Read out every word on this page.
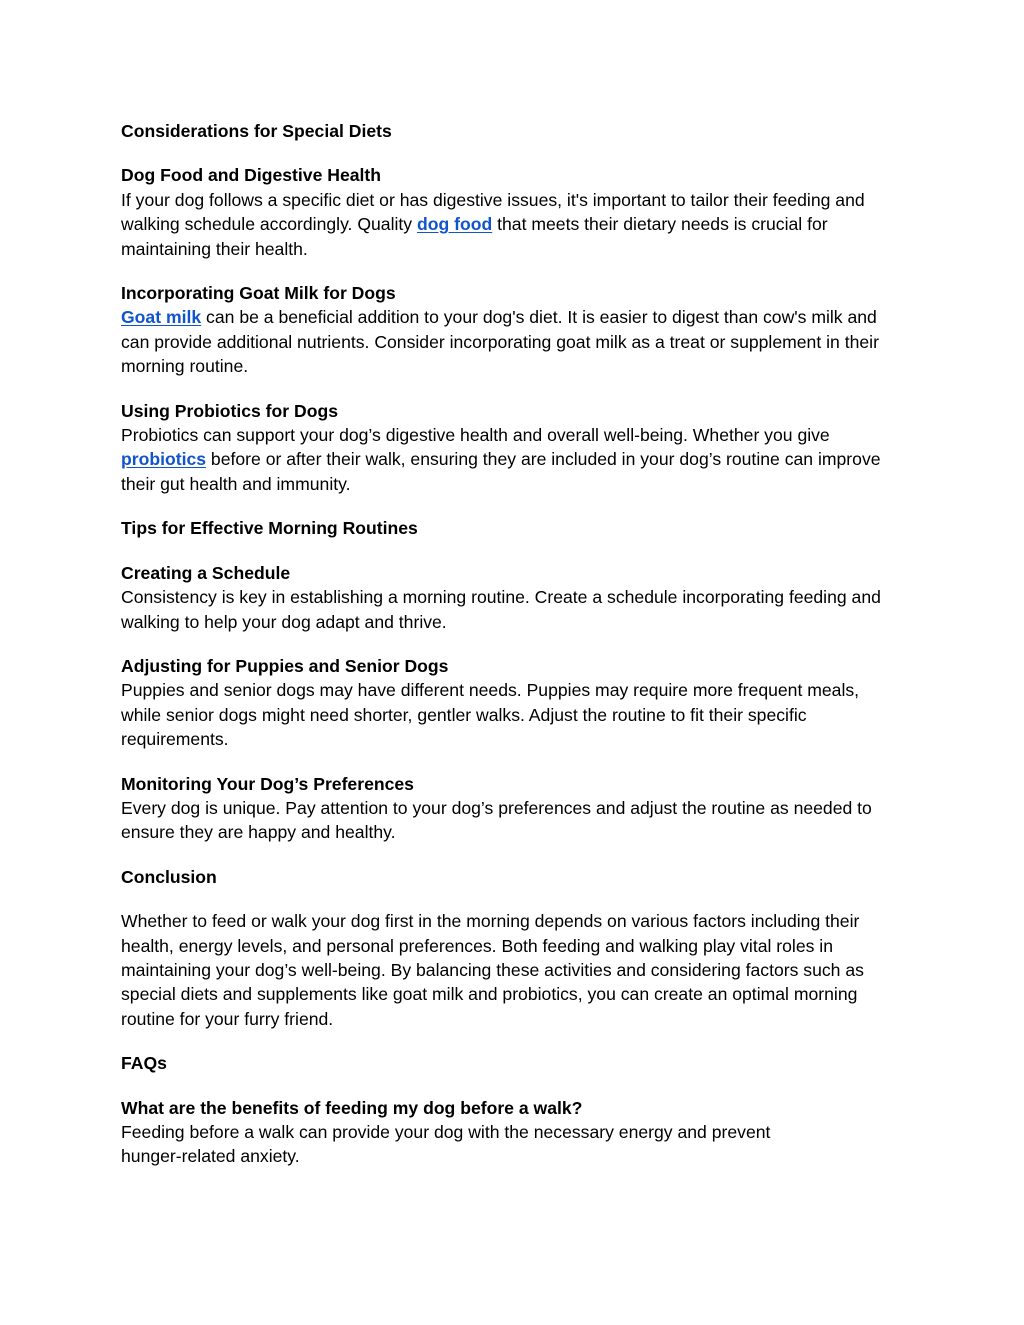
Considerations for Special Diets

Dog Food and Digestive Health

If your dog follows a specific diet or has digestive issues, it's important to tailor their feeding and walking schedule accordingly. Quality dog food that meets their dietary needs is crucial for maintaining their health.

Incorporating Goat Milk for Dogs

Goat milk can be a beneficial addition to your dog's diet. It is easier to digest than cow's milk and can provide additional nutrients. Consider incorporating goat milk as a treat or supplement in their morning routine.

Using Probiotics for Dogs

Probiotics can support your dog’s digestive health and overall well-being. Whether you give probiotics before or after their walk, ensuring they are included in your dog’s routine can improve their gut health and immunity.

Tips for Effective Morning Routines

Creating a Schedule

Consistency is key in establishing a morning routine. Create a schedule incorporating feeding and walking to help your dog adapt and thrive.

Adjusting for Puppies and Senior Dogs

Puppies and senior dogs may have different needs. Puppies may require more frequent meals, while senior dogs might need shorter, gentler walks. Adjust the routine to fit their specific requirements.

Monitoring Your Dog’s Preferences

Every dog is unique. Pay attention to your dog’s preferences and adjust the routine as needed to ensure they are happy and healthy.

Conclusion

Whether to feed or walk your dog first in the morning depends on various factors including their health, energy levels, and personal preferences. Both feeding and walking play vital roles in maintaining your dog’s well-being. By balancing these activities and considering factors such as special diets and supplements like goat milk and probiotics, you can create an optimal morning routine for your furry friend.

FAQs

What are the benefits of feeding my dog before a walk?

Feeding before a walk can provide your dog with the necessary energy and prevent

hunger-related anxiety.
